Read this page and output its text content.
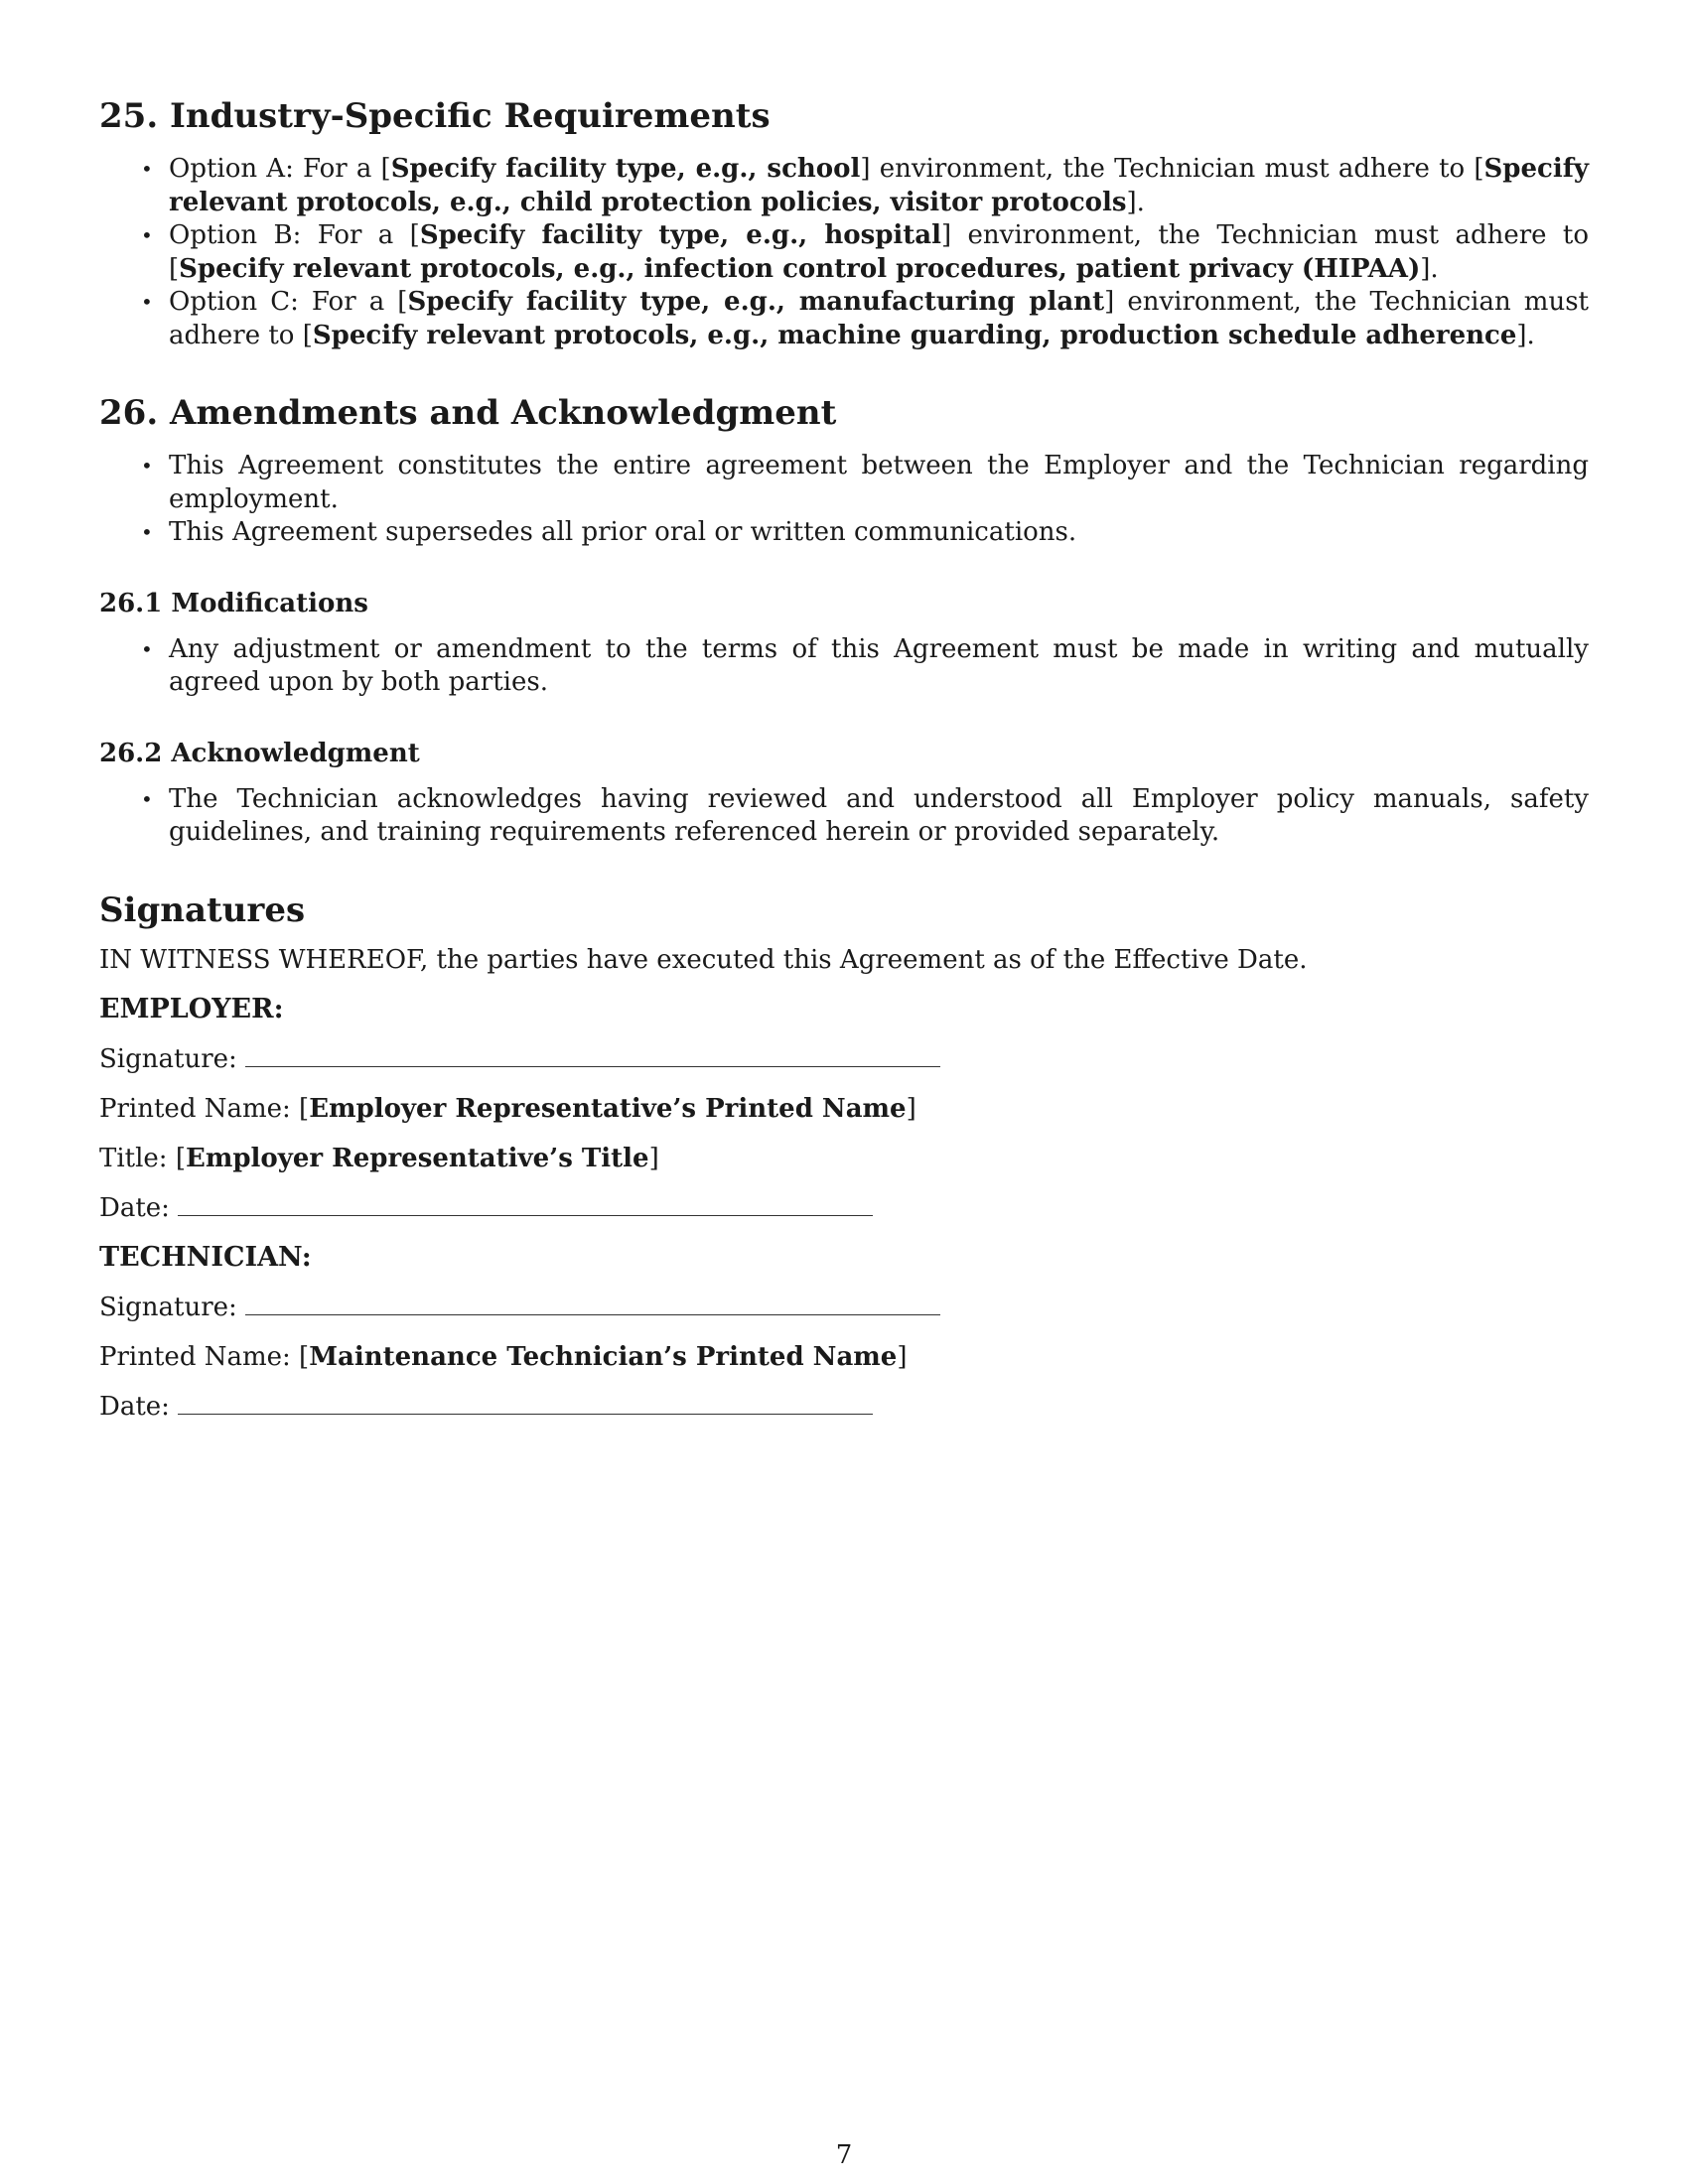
25. Industry-Specific Requirements
• Option A: For a [Specify facility type, e.g., school] environment, the Technician must adhere to [Specify relevant protocols, e.g., child protection policies, visitor protocols].
• Option B: For a [Specify facility type, e.g., hospital] environment, the Technician must adhere to [Specify relevant protocols, e.g., infection control procedures, patient privacy (HIPAA)].
• Option C: For a [Specify facility type, e.g., manufacturing plant] environment, the Technician must adhere to [Specify relevant protocols, e.g., machine guarding, production schedule adherence].
26. Amendments and Acknowledgment
• This Agreement constitutes the entire agreement between the Employer and the Technician regarding employment.
• This Agreement supersedes all prior oral or written communications.
26.1 Modifications
• Any adjustment or amendment to the terms of this Agreement must be made in writing and mutually agreed upon by both parties.
26.2 Acknowledgment
• The Technician acknowledges having reviewed and understood all Employer policy manuals, safety guidelines, and training requirements referenced herein or provided separately.
Signatures

IN WITNESS WHEREOF, the parties have executed this Agreement as of the Effective Date.

EMPLOYER:

Signature:

Printed Name: [Employer Representative’s Printed Name]

Title: [Employer Representative’s Title]

Date:

TECHNICIAN:

Signature:

Printed Name: [Maintenance Technician’s Printed Name]

Date:

7
